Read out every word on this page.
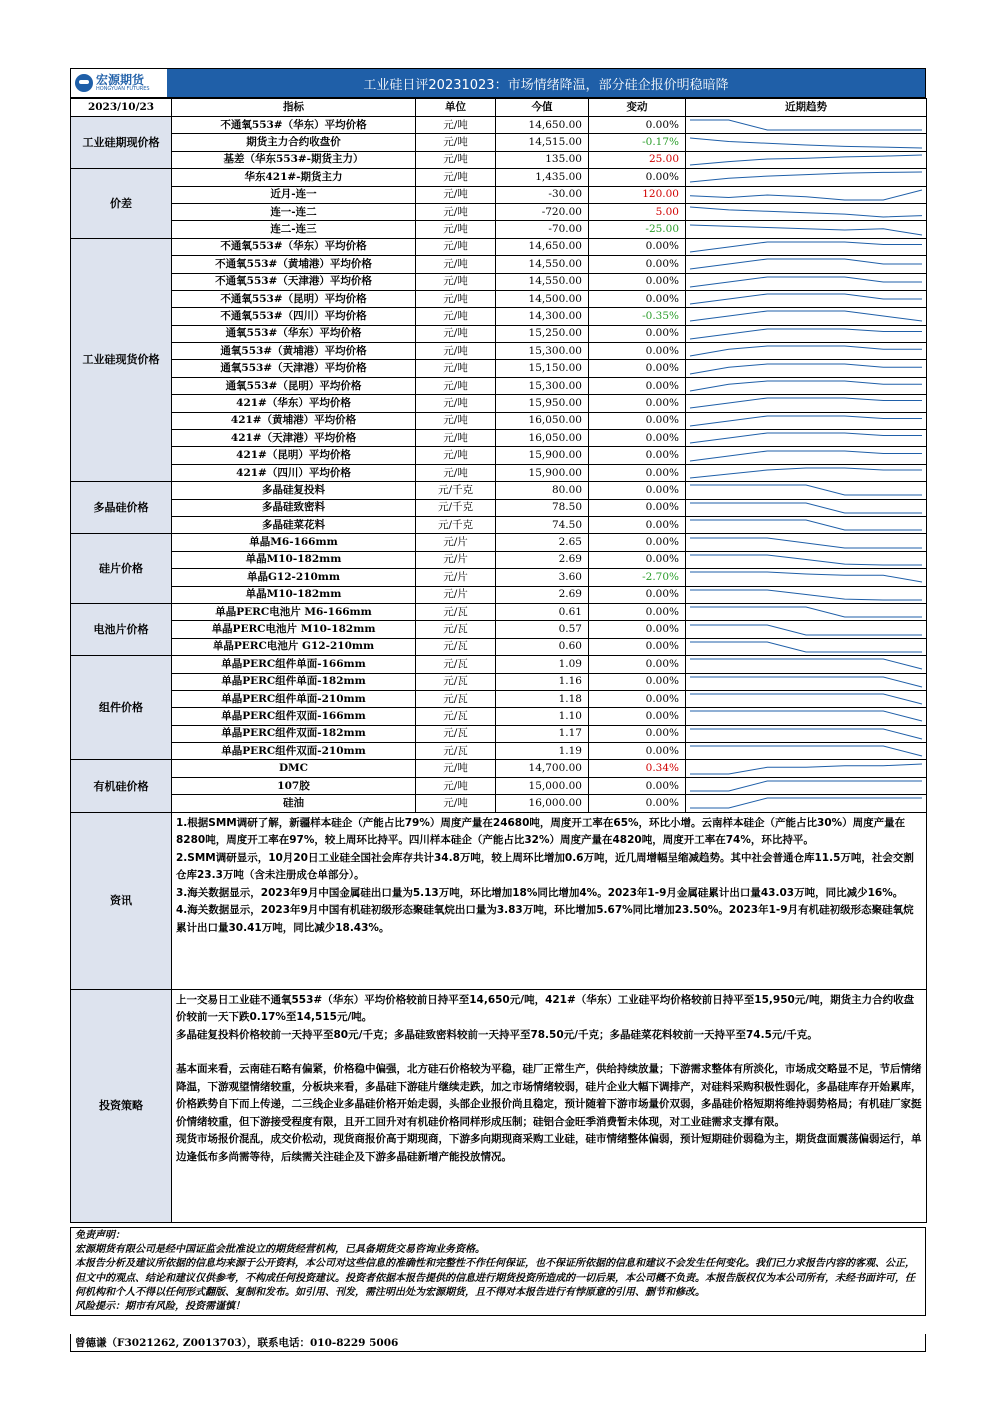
宏源期货
HONGYUAN FUTURES	工业硅日评20231023：市场情绪降温，部分硅企报价明稳暗降
2023/10/23	指标	单位	今值	变动	近期趋势
工业硅期现价格	不通氧553#（华东）平均价格	元/吨	14,650.00	0.00%	

	期货主力合约收盘价	元/吨	14,515.00	-0.17%	

	基差（华东553#-期货主力）	元/吨	135.00	25.00	

价差	华东421#-期货主力	元/吨	1,435.00	0.00%	

	近月-连一	元/吨	-30.00	120.00	

	连一-连二	元/吨	-720.00	5.00	

	连二-连三	元/吨	-70.00	-25.00	

工业硅现货价格	不通氧553#（华东）平均价格	元/吨	14,650.00	0.00%	

	不通氧553#（黄埔港）平均价格	元/吨	14,550.00	0.00%	

	不通氧553#（天津港）平均价格	元/吨	14,550.00	0.00%	

	不通氧553#（昆明）平均价格	元/吨	14,500.00	0.00%	

	不通氧553#（四川）平均价格	元/吨	14,300.00	-0.35%	

	通氧553#（华东）平均价格	元/吨	15,250.00	0.00%	

	通氧553#（黄埔港）平均价格	元/吨	15,300.00	0.00%	

	通氧553#（天津港）平均价格	元/吨	15,150.00	0.00%	

	通氧553#（昆明）平均价格	元/吨	15,300.00	0.00%	

	421#（华东）平均价格	元/吨	15,950.00	0.00%	

	421#（黄埔港）平均价格	元/吨	16,050.00	0.00%	

	421#（天津港）平均价格	元/吨	16,050.00	0.00%	

	421#（昆明）平均价格	元/吨	15,900.00	0.00%	

	421#（四川）平均价格	元/吨	15,900.00	0.00%	

多晶硅价格	多晶硅复投料	元/千克	80.00	0.00%	

	多晶硅致密料	元/千克	78.50	0.00%	

	多晶硅菜花料	元/千克	74.50	0.00%	

硅片价格	单晶M6-166mm	元/片	2.65	0.00%	

	单晶M10-182mm	元/片	2.69	0.00%	

	单晶G12-210mm	元/片	3.60	-2.70%	

	单晶M10-182mm	元/片	2.69	0.00%	

电池片价格	单晶PERC电池片 M6-166mm	元/瓦	0.61	0.00%	

	单晶PERC电池片 M10-182mm	元/瓦	0.57	0.00%	

	单晶PERC电池片 G12-210mm	元/瓦	0.60	0.00%	

组件价格	单晶PERC组件单面-166mm	元/瓦	1.09	0.00%	

	单晶PERC组件单面-182mm	元/瓦	1.16	0.00%	

	单晶PERC组件单面-210mm	元/瓦	1.18	0.00%	

	单晶PERC组件双面-166mm	元/瓦	1.10	0.00%	

	单晶PERC组件双面-182mm	元/瓦	1.17	0.00%	

	单晶PERC组件双面-210mm	元/瓦	1.19	0.00%	

有机硅价格	DMC	元/吨	14,700.00	0.34%	

	107胶	元/吨	15,000.00	0.00%	

	硅油	元/吨	16,000.00	0.00%	

资讯	1.根据SMM调研了解，新疆样本硅企（产能占比79%）周度产量在24680吨，周度开工率在65%，环比小增。云南样本硅企（产能占比30%）周度产量在8280吨，周度开工率在97%，较上周环比持平。四川样本硅企（产能占比32%）周度产量在4820吨，周度开工率在74%，环比持平。

2.SMM调研显示，10月20日工业硅全国社会库存共计34.8万吨，较上周环比增加0.6万吨，近几周增幅呈缩减趋势。其中社会普通仓库11.5万吨，社会交割仓库23.3万吨（含未注册成仓单部分）。

3.海关数据显示，2023年9月中国金属硅出口量为5.13万吨，环比增加18%同比增加4%。2023年1-9月金属硅累计出口量43.03万吨，同比减少16%。

4.海关数据显示，2023年9月中国有机硅初级形态聚硅氧烷出口量为3.83万吨，环比增加5.67%同比增加23.50%。2023年1-9月有机硅初级形态聚硅氧烷累计出口量30.41万吨，同比减少18.43%。				

投资策略	上一交易日工业硅不通氧553#（华东）平均价格较前日持平至14,650元/吨，421#（华东）工业硅平均价格较前日持平至15,950元/吨，期货主力合约收盘价较前一天下跌0.17%至14,515元/吨。

多晶硅复投料价格较前一天持平至80元/千克；多晶硅致密料较前一天持平至78.50元/千克；多晶硅菜花料较前一天持平至74.5元/千克。

基本面来看，云南硅石略有偏紧，价格稳中偏强，北方硅石价格较为平稳，硅厂正常生产，供给持续放量；下游需求整体有所淡化，市场成交略显不足，节后情绪降温，下游观望情绪较重，分板块来看，多晶硅下游硅片继续走跌，加之市场情绪较弱，硅片企业大幅下调排产，对硅料采购积极性弱化，多晶硅库存开始累库，价格跌势自下而上传递，二三线企业多晶硅价格开始走弱，头部企业报价尚且稳定，预计随着下游市场量价双弱，多晶硅价格短期将维持弱势格局；有机硅厂家挺价情绪较重，但下游接受程度有限，且开工回升对有机硅价格同样形成压制；硅铝合金旺季消费暂未体现，对工业硅需求支撑有限。

现货市场报价混乱，成交价松动，现货商报价高于期现商，下游多向期现商采购工业硅，硅市情绪整体偏弱，预计短期硅价弱稳为主，期货盘面震荡偏弱运行，单边逢低布多尚需等待，后续需关注硅企及下游多晶硅新增产能投放情况。				

免责声明：

宏源期货有限公司是经中国证监会批准设立的期货经营机构，已具备期货交易咨询业务资格。

本报告分析及建议所依据的信息均来源于公开资料，本公司对这些信息的准确性和完整性不作任何保证，也不保证所依据的信息和建议不会发生任何变化。我们已力求报告内容的客观、公正，但文中的观点、结论和建议仅供参考，不构成任何投资建议。投资者依据本报告提供的信息进行期货投资所造成的一切后果，本公司概不负责。本报告版权仅为本公司所有，未经书面许可，任何机构和个人不得以任何形式翻版、复制和发布。如引用、刊发，需注明出处为宏源期货，且不得对本报告进行有悖原意的引用、删节和修改。

风险提示：期市有风险，投资需谨慎！

曾德谦（F3021262, Z0013703），联系电话：010-8229 5006
